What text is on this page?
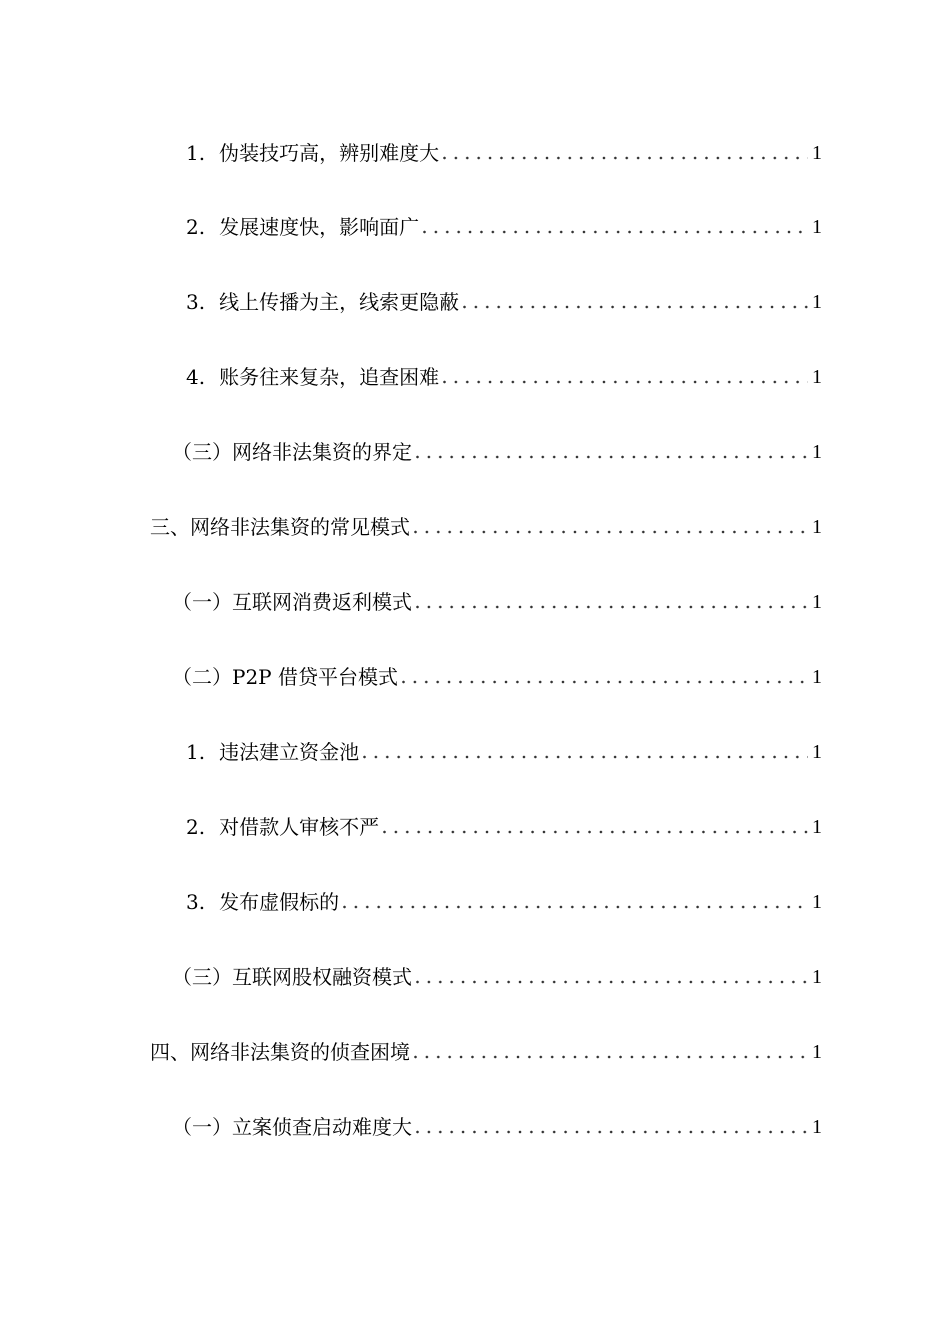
1. 伪装技巧高，辨别难度大	1
2. 发展速度快，影响面广	1
3. 线上传播为主，线索更隐蔽	1
4. 账务往来复杂，追查困难	1
（三）网络非法集资的界定	1
三、网络非法集资的常见模式	1
（一）互联网消费返利模式	1
（二）P2P 借贷平台模式	1
1. 违法建立资金池	1
2. 对借款人审核不严	1
3. 发布虚假标的	1
（三）互联网股权融资模式	1
四、网络非法集资的侦查困境	1
（一）立案侦查启动难度大	1
